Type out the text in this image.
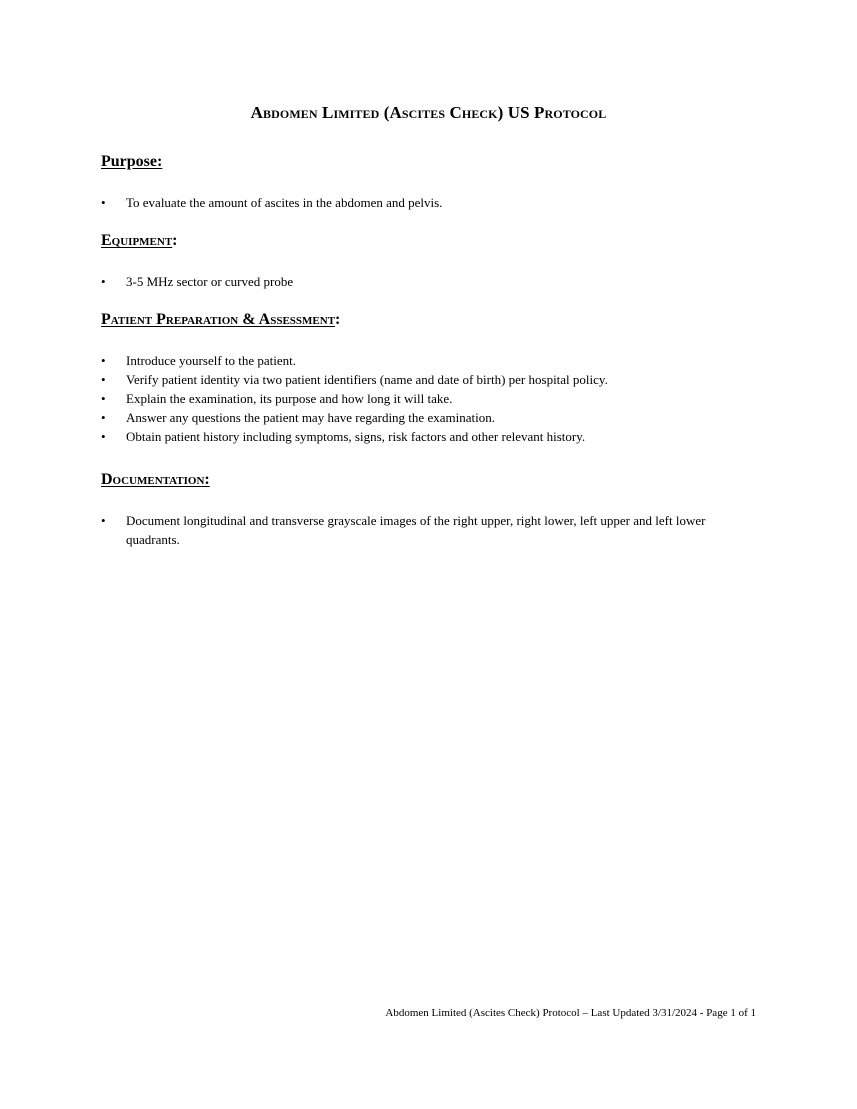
Abdomen Limited (Ascites Check) US Protocol

Purpose:

• To evaluate the amount of ascites in the abdomen and pelvis.

Equipment:

• 3-5 MHz sector or curved probe

Patient Preparation & Assessment:

• Introduce yourself to the patient.
• Verify patient identity via two patient identifiers (name and date of birth) per hospital policy.
• Explain the examination, its purpose and how long it will take.
• Answer any questions the patient may have regarding the examination.
• Obtain patient history including symptoms, signs, risk factors and other relevant history.

Documentation:

• Document longitudinal and transverse grayscale images of the right upper, right lower, left upper and left lower quadrants.
Abdomen Limited (Ascites Check) Protocol – Last Updated 3/31/2024 - Page 1 of 1
